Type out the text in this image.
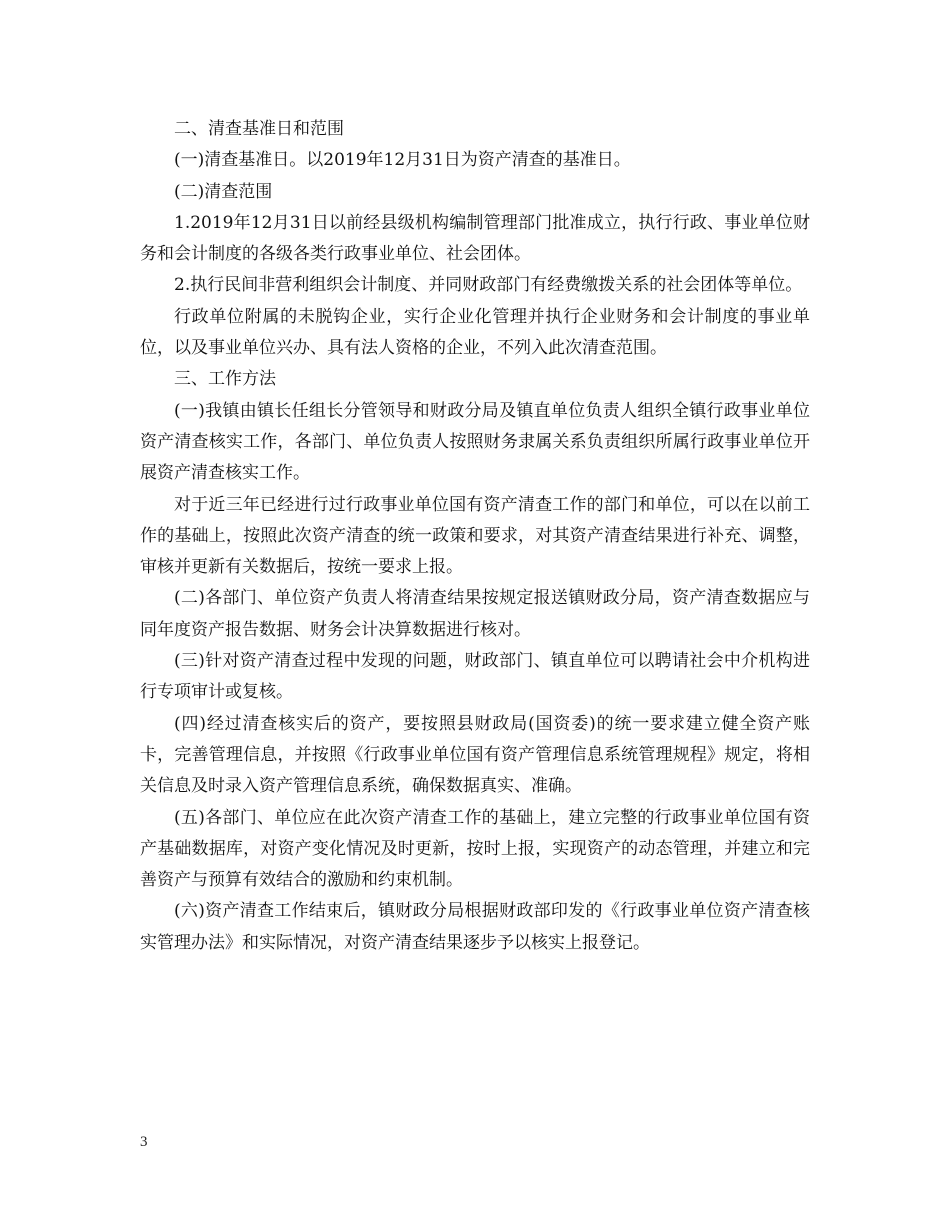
二、清查基准日和范围

(一)清查基准日。以2019年12月31日为资产清查的基准日。

(二)清查范围

1.2019年12月31日以前经县级机构编制管理部门批准成立，执行行政、事业单位财务和会计制度的各级各类行政事业单位、社会团体。

2.执行民间非营利组织会计制度、并同财政部门有经费缴拨关系的社会团体等单位。

行政单位附属的未脱钩企业，实行企业化管理并执行企业财务和会计制度的事业单位，以及事业单位兴办、具有法人资格的企业，不列入此次清查范围。

三、工作方法

(一)我镇由镇长任组长分管领导和财政分局及镇直单位负责人组织全镇行政事业单位资产清查核实工作，各部门、单位负责人按照财务隶属关系负责组织所属行政事业单位开展资产清查核实工作。

对于近三年已经进行过行政事业单位国有资产清查工作的部门和单位，可以在以前工作的基础上，按照此次资产清查的统一政策和要求，对其资产清查结果进行补充、调整，审核并更新有关数据后，按统一要求上报。

(二)各部门、单位资产负责人将清查结果按规定报送镇财政分局，资产清查数据应与同年度资产报告数据、财务会计决算数据进行核对。

(三)针对资产清查过程中发现的问题，财政部门、镇直单位可以聘请社会中介机构进行专项审计或复核。

(四)经过清查核实后的资产，要按照县财政局(国资委)的统一要求建立健全资产账卡，完善管理信息，并按照《行政事业单位国有资产管理信息系统管理规程》规定，将相关信息及时录入资产管理信息系统，确保数据真实、准确。

(五)各部门、单位应在此次资产清查工作的基础上，建立完整的行政事业单位国有资产基础数据库，对资产变化情况及时更新，按时上报，实现资产的动态管理，并建立和完善资产与预算有效结合的激励和约束机制。

(六)资产清查工作结束后，镇财政分局根据财政部印发的《行政事业单位资产清查核实管理办法》和实际情况，对资产清查结果逐步予以核实上报登记。

3
